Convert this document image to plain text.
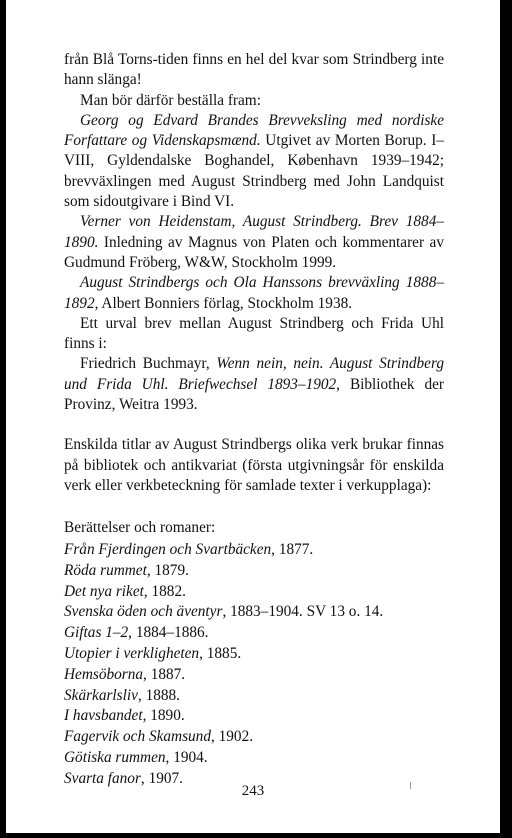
från Blå Torns-tiden finns en hel del kvar som Strindberg inte hann slänga!

Man bör därför beställa fram:

Georg og Edvard Brandes Brevveksling med nordiske Forfattare og Videnskapsmænd. Utgivet av Morten Borup. I–VIII, Gyldendalske Boghandel, København 1939–1942; brevväxlingen med August Strindberg med John Landquist som sidoutgivare i Bind VI.

Verner von Heidenstam, August Strindberg. Brev 1884–1890. Inledning av Magnus von Platen och kommentarer av Gudmund Fröberg, W&W, Stockholm 1999.

August Strindbergs och Ola Hanssons brevväxling 1888–1892, Albert Bonniers förlag, Stockholm 1938.

Ett urval brev mellan August Strindberg och Frida Uhl finns i:

Friedrich Buchmayr, Wenn nein, nein. August Strindberg und Frida Uhl. Briefwechsel 1893–1902, Bibliothek der Provinz, Weitra 1993.

Enskilda titlar av August Strindbergs olika verk brukar finnas på bibliotek och antikvariat (första utgivningsår för enskilda verk eller verkbeteckning för samlade texter i verkupplaga):

Berättelser och romaner:
Från Fjerdingen och Svartbäcken, 1877.
Röda rummet, 1879.
Det nya riket, 1882.
Svenska öden och äventyr, 1883–1904. SV 13 o. 14.
Giftas 1–2, 1884–1886.
Utopier i verkligheten, 1885.
Hemsöborna, 1887.
Skärkarlsliv, 1888.
I havsbandet, 1890.
Fagervik och Skamsund, 1902.
Götiska rummen, 1904.
Svarta fanor, 1907.
243
